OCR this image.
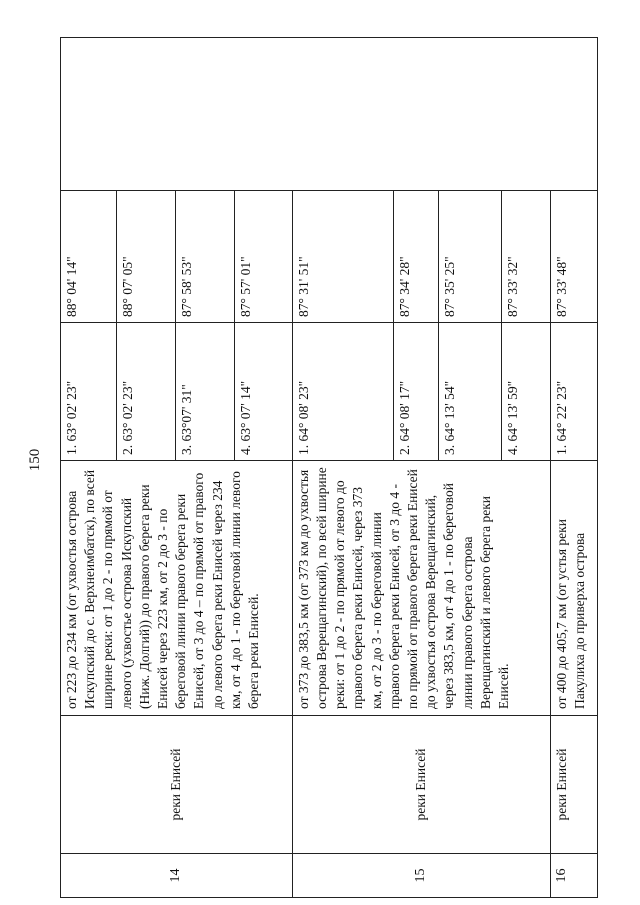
150
14	реки Енисей	от 223 до 234 км (от ухвостья острова Искупский до с. Верхнеимбатск), по всей ширине реки: от 1 до 2 - по прямой от левого (ухвостье острова Искупский (Ниж. Долгий)) до правого берега реки Енисей через 223 км, от 2 до 3 - по береговой линии правого берега реки Енисей, от 3 до 4 – по прямой от правого до левого берега реки Енисей через 234 км, от 4 до 1 - по береговой линии левого берега реки Енисей.	1. 63° 02' 23"	88° 04' 14"	
			2. 63° 02' 23"	88° 07' 05"	
			3. 63°07' 31"	87° 58' 53"	
			4. 63° 07' 14"	87° 57' 01"	
15	реки Енисей	от 373 до 383,5 км (от 373 км до ухвостья острова Верещагинский), по всей ширине реки: от 1 до 2 - по прямой от левого до правого берега реки Енисей, через 373 км, от 2 до 3 - по береговой линии правого берега реки Енисей, от 3 до 4 - по прямой от правого берега реки Енисей до ухвостья острова Верещагинский, через 383,5 км, от 4 до 1 - по береговой линии правого берега острова Верещагинский и левого берега реки Енисей.	1. 64° 08' 23"	87° 31' 51"	
			2. 64° 08' 17"	87° 34' 28"	
			3. 64° 13' 54"	87° 35' 25"	
			4. 64° 13' 59"	87° 33' 32"	
16	реки Енисей	от 400 до 405,7 км (от устья реки Пакулиха до привеpха острова	1. 64° 22' 23"	87° 33' 48"	
